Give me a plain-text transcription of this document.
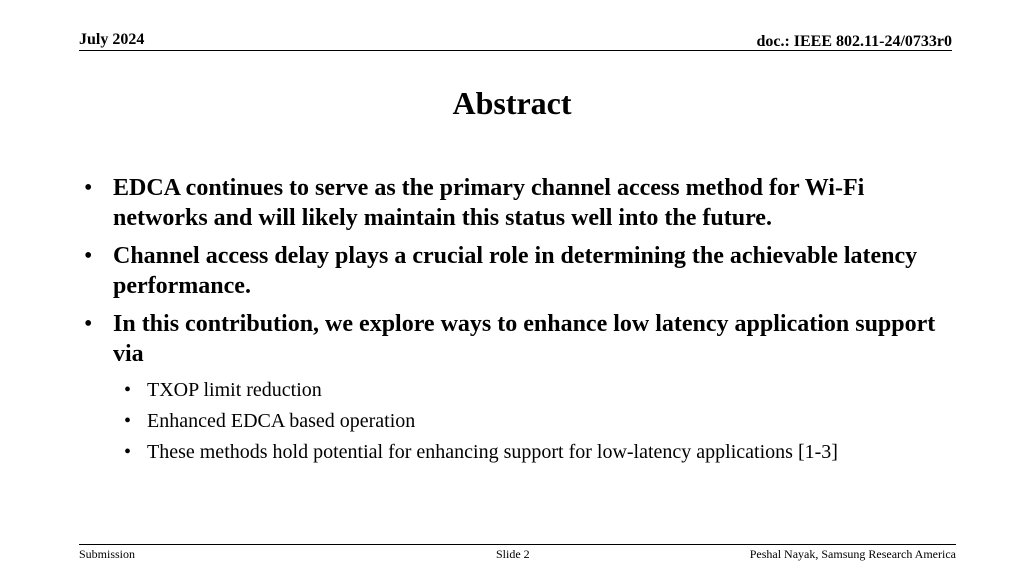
July 2024	doc.: IEEE 802.11-24/0733r0
Abstract
• EDCA continues to serve as the primary channel access method for Wi-Fi networks and will likely maintain this status well into the future.
• Channel access delay plays a crucial role in determining the achievable latency performance.
• In this contribution, we explore ways to enhance low latency application support via
• TXOP limit reduction
• Enhanced EDCA based operation
• These methods hold potential for enhancing support for low-latency applications [1-3]
Submission	Slide 2	Peshal Nayak, Samsung Research America
